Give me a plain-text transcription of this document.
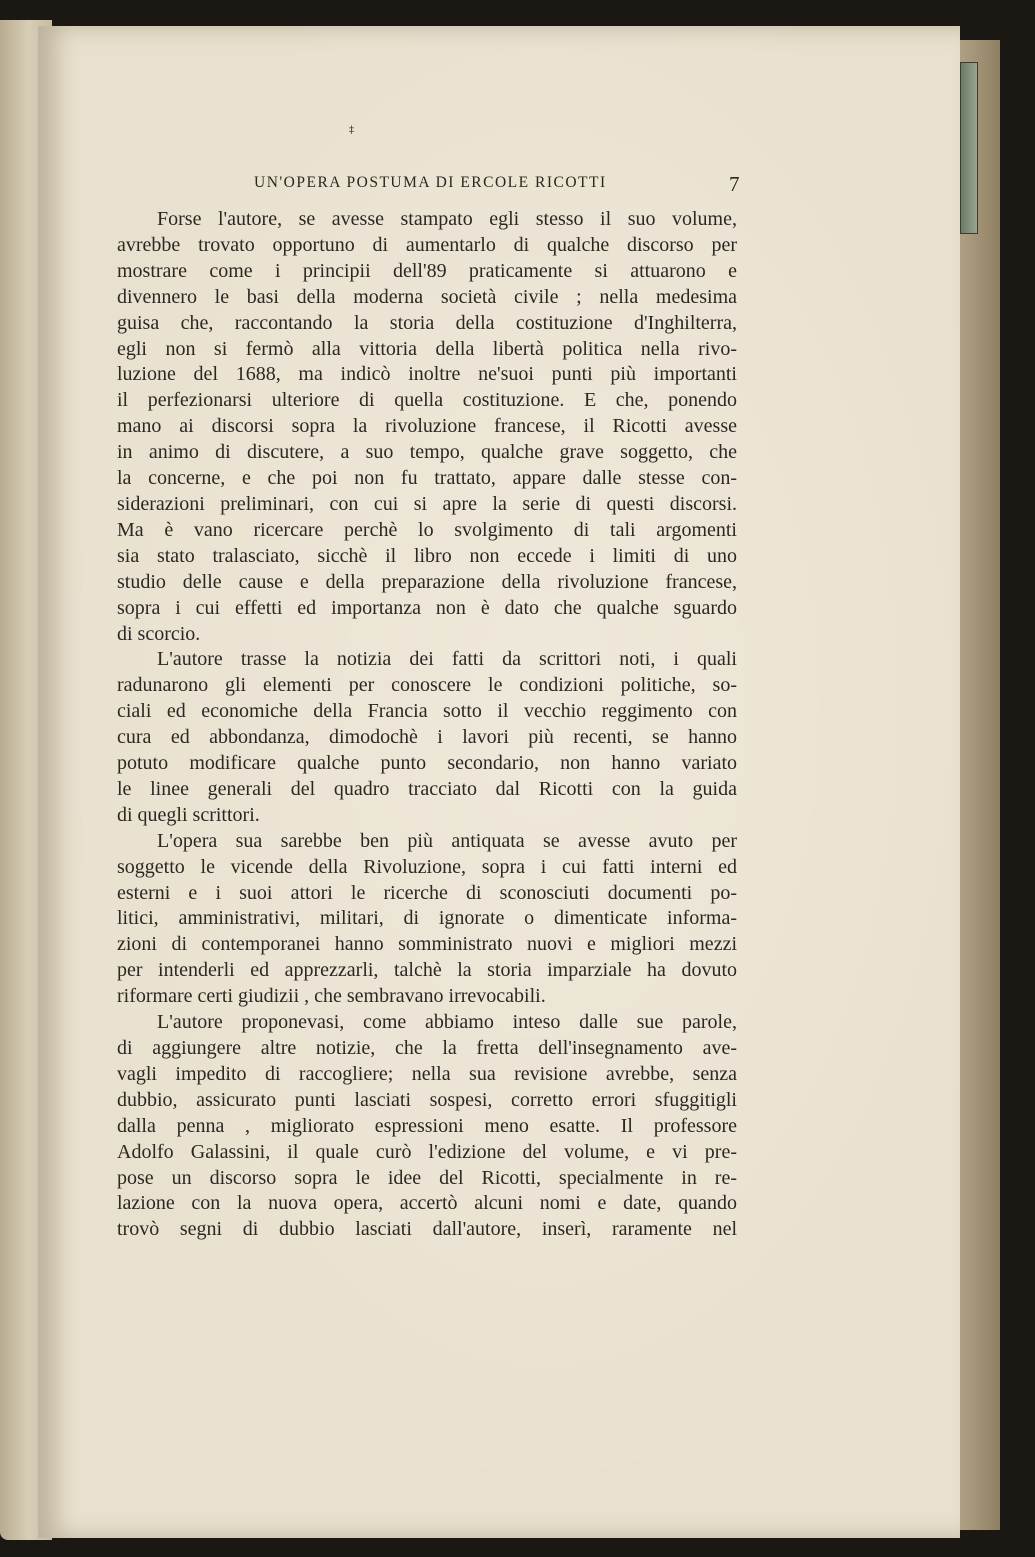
‡
UN'OPERA POSTUMA DI ERCOLE RICOTTI	7
Forse l'autore, se avesse stampato egli stesso il suo volume,
avrebbe trovato opportuno di aumentarlo di qualche discorso per
mostrare come i principii dell'89 praticamente si attuarono e
divennero le basi della moderna società civile ; nella medesima
guisa che, raccontando la storia della costituzione d'Inghilterra,
egli non si fermò alla vittoria della libertà politica nella rivo-
luzione del 1688, ma indicò inoltre ne'suoi punti più importanti
il perfezionarsi ulteriore di quella costituzione. E che, ponendo
mano ai discorsi sopra la rivoluzione francese, il Ricotti avesse
in animo di discutere, a suo tempo, qualche grave soggetto, che
la concerne, e che poi non fu trattato, appare dalle stesse con-
siderazioni preliminari, con cui si apre la serie di questi discorsi.
Ma è vano ricercare perchè lo svolgimento di tali argomenti
sia stato tralasciato, sicchè il libro non eccede i limiti di uno
studio delle cause e della preparazione della rivoluzione francese,
sopra i cui effetti ed importanza non è dato che qualche sguardo
di scorcio.
L'autore trasse la notizia dei fatti da scrittori noti, i quali
radunarono gli elementi per conoscere le condizioni politiche, so-
ciali ed economiche della Francia sotto il vecchio reggimento con
cura ed abbondanza, dimodochè i lavori più recenti, se hanno
potuto modificare qualche punto secondario, non hanno variato
le linee generali del quadro tracciato dal Ricotti con la guida
di quegli scrittori.
L'opera sua sarebbe ben più antiquata se avesse avuto per
soggetto le vicende della Rivoluzione, sopra i cui fatti interni ed
esterni e i suoi attori le ricerche di sconosciuti documenti po-
litici, amministrativi, militari, di ignorate o dimenticate informa-
zioni di contemporanei hanno somministrato nuovi e migliori mezzi
per intenderli ed apprezzarli, talchè la storia imparziale ha dovuto
riformare certi giudizii , che sembravano irrevocabili.
L'autore proponevasi, come abbiamo inteso dalle sue parole,
di aggiungere altre notizie, che la fretta dell'insegnamento ave-
vagli impedito di raccogliere; nella sua revisione avrebbe, senza
dubbio, assicurato punti lasciati sospesi, corretto errori sfuggitigli
dalla penna , migliorato espressioni meno esatte. Il professore
Adolfo Galassini, il quale curò l'edizione del volume, e vi pre-
pose un discorso sopra le idee del Ricotti, specialmente in re-
lazione con la nuova opera, accertò alcuni nomi e date, quando
trovò segni di dubbio lasciati dall'autore, inserì, raramente nel
